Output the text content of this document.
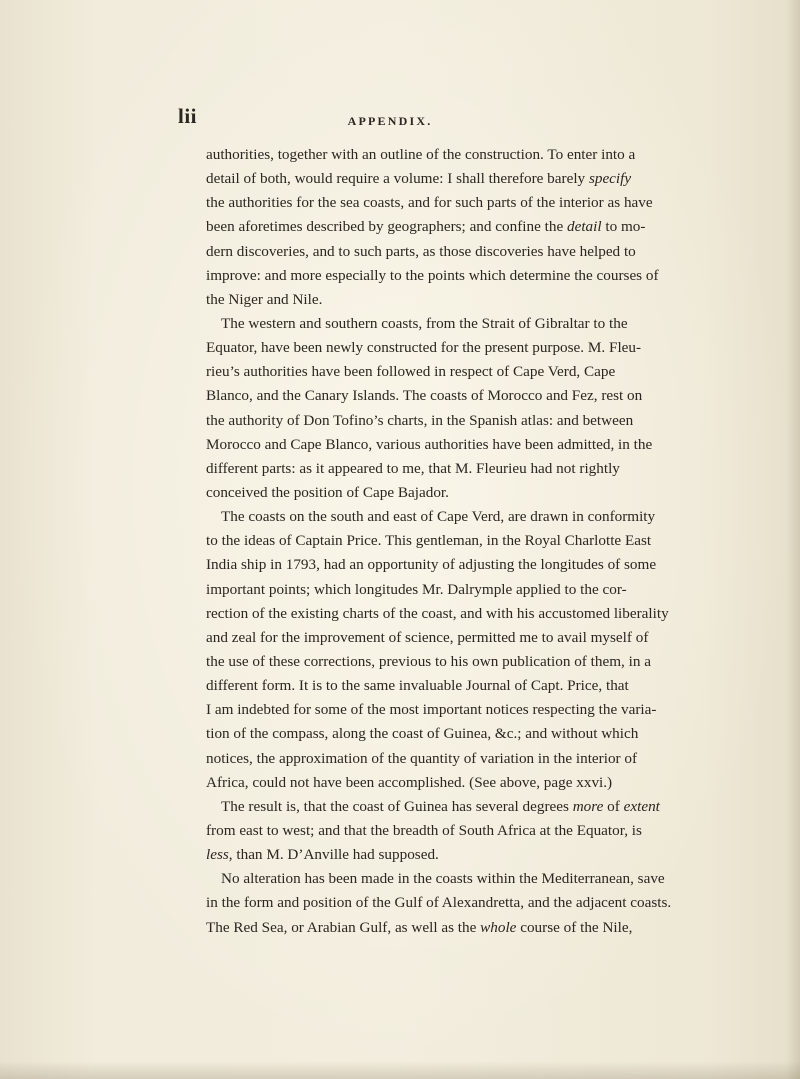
lii	APPENDIX.
authorities, together with an outline of the construction. To enter into a
detail of both, would require a volume: I shall therefore barely specify
the authorities for the sea coasts, and for such parts of the interior as have
been aforetimes described by geographers; and confine the detail to mo-
dern discoveries, and to such parts, as those discoveries have helped to
improve: and more especially to the points which determine the courses of
the Niger and Nile.
The western and southern coasts, from the Strait of Gibraltar to the
Equator, have been newly constructed for the present purpose. M. Fleu-
rieu’s authorities have been followed in respect of Cape Verd, Cape
Blanco, and the Canary Islands. The coasts of Morocco and Fez, rest on
the authority of Don Tofino’s charts, in the Spanish atlas: and between
Morocco and Cape Blanco, various authorities have been admitted, in the
different parts: as it appeared to me, that M. Fleurieu had not rightly
conceived the position of Cape Bajador.
The coasts on the south and east of Cape Verd, are drawn in conformity
to the ideas of Captain Price. This gentleman, in the Royal Charlotte East
India ship in 1793, had an opportunity of adjusting the longitudes of some
important points; which longitudes Mr. Dalrymple applied to the cor-
rection of the existing charts of the coast, and with his accustomed liberality
and zeal for the improvement of science, permitted me to avail myself of
the use of these corrections, previous to his own publication of them, in a
different form. It is to the same invaluable Journal of Capt. Price, that
I am indebted for some of the most important notices respecting the varia-
tion of the compass, along the coast of Guinea, &c.; and without which
notices, the approximation of the quantity of variation in the interior of
Africa, could not have been accomplished. (See above, page xxvi.)
The result is, that the coast of Guinea has several degrees more of extent
from east to west; and that the breadth of South Africa at the Equator, is
less, than M. D’Anville had supposed.
No alteration has been made in the coasts within the Mediterranean, save
in the form and position of the Gulf of Alexandretta, and the adjacent coasts.
The Red Sea, or Arabian Gulf, as well as the whole course of the Nile,
